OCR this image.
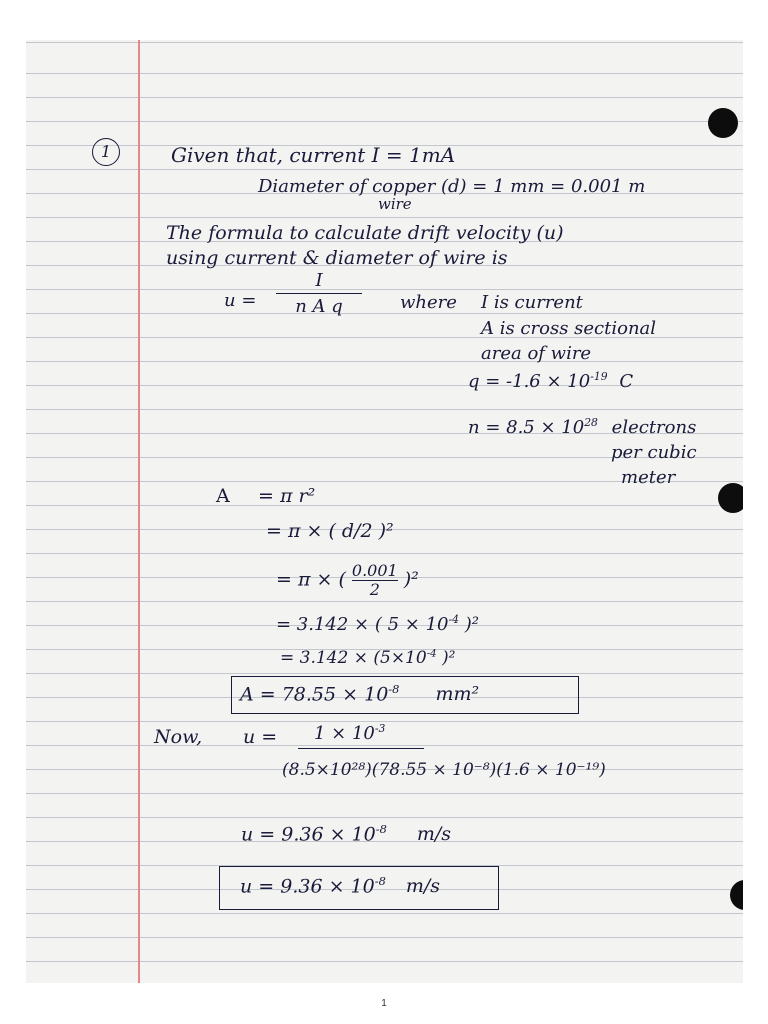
1	Given that, current I = 1mA
Diameter of copper (d) = 1 mm = 0.001 m
wire
The formula to calculate drift velocity (u)
using current & diameter of wire is
u =
I
n A q	where I is current
A is cross sectional
area of wire
$q = -1.6 \times 10^{-19}$ C
$n = 8.5 \times 10^{28}$ electrons
per cubic
meter
A = π r²
= π × ( d/2 )²
= π × ( $\frac{0.001}{2} )^2$
= 3.142 × ( $5 \times 10^{-4}$ )²
= $3.142 \times (5\times 10^{-4}$ )²
$A = 78.55 \times 10^{-8}$ mm²
Now, $u = 1 \times 10^{-3}$
(8.5×10²⁸)(78.55 × 10⁻⁸)(1.6 × 10⁻¹⁹)
$u = 9.36 \times 10^{-8}$ m/s
$u = 9.36 \times 10^{-8}$ m/s
1
